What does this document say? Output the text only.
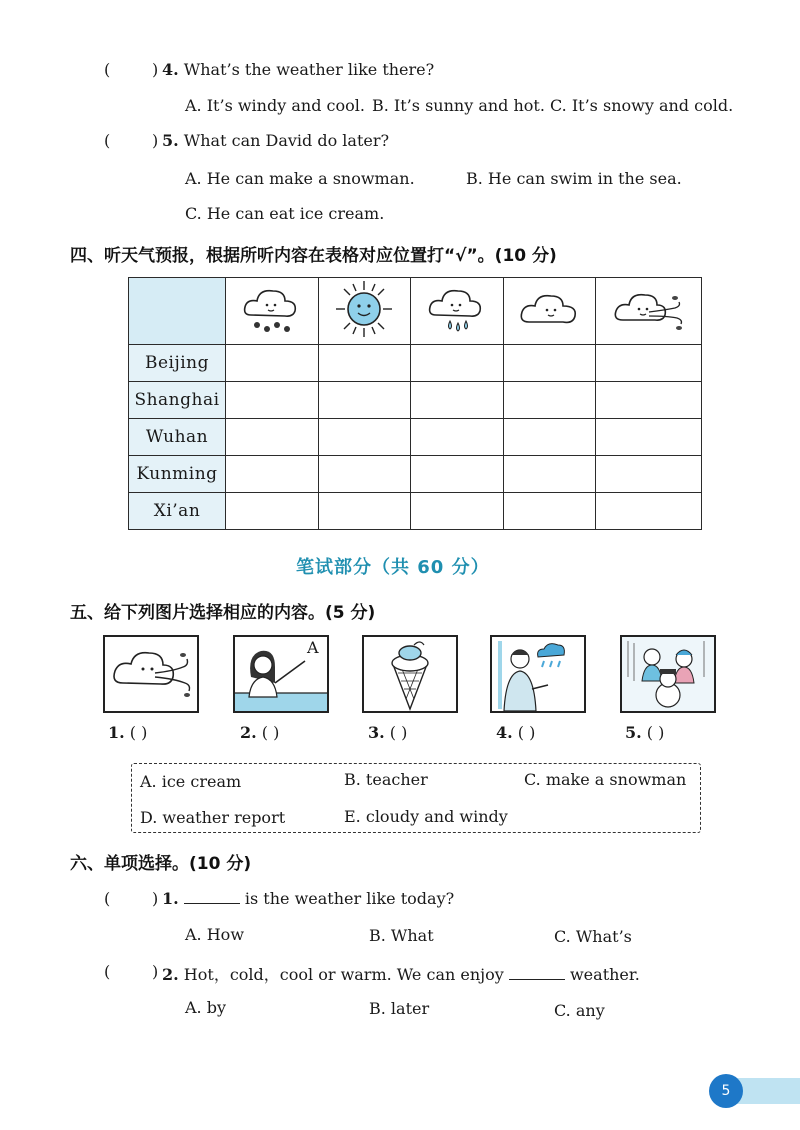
(	) 4. What’s the weather like there?
A. It’s windy and cool. B. It’s sunny and hot. C. It’s snowy and cold.
(	) 5. What can David do later?
A. He can make a snowman.	B. He can swim in the sea.
C. He can eat ice cream.
四、听天气预报，根据所听内容在表格对应位置打“√”。(10 分)

Beijing					
Shanghai					
Wuhan					
Kunming					
Xi’an					
笔试部分（共 60 分）
五、给下列图片选择相应的内容。(5 分)
A
1. ( )	2. ( )	3. ( )	4. ( )	5. ( )
A. ice cream	B. teacher	C. make a snowman
D. weather report	E. cloudy and windy
六、单项选择。(10 分)
(	) 1.	is the weather like today?
A. How	B. What	C. What’s
(	) 2. Hot，cold，cool or warm. We can enjoy	weather.
A. by	B. later	C. any
5
